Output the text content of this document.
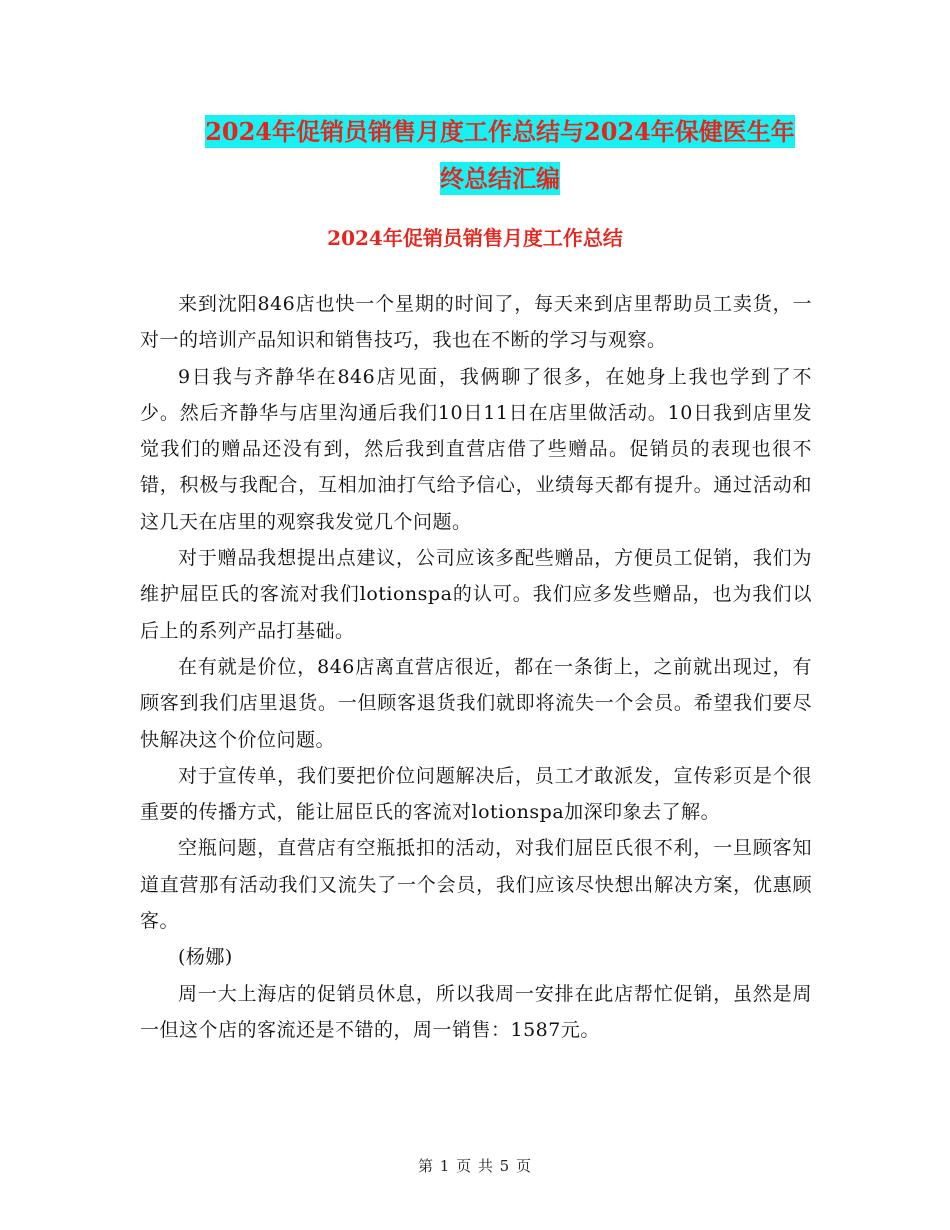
2024年促销员销售月度工作总结与2024年保健医生年
终总结汇编
2024年促销员销售月度工作总结

来到沈阳846店也快一个星期的时间了，每天来到店里帮助员工卖货，一对一的培训产品知识和销售技巧，我也在不断的学习与观察。

9日我与齐静华在846店见面，我俩聊了很多，在她身上我也学到了不少。然后齐静华与店里沟通后我们10日11日在店里做活动。10日我到店里发觉我们的赠品还没有到，然后我到直营店借了些赠品。促销员的表现也很不错，积极与我配合，互相加油打气给予信心，业绩每天都有提升。通过活动和这几天在店里的观察我发觉几个问题。

对于赠品我想提出点建议，公司应该多配些赠品，方便员工促销，我们为维护屈臣氏的客流对我们lotionspa的认可。我们应多发些赠品，也为我们以后上的系列产品打基础。

在有就是价位，846店离直营店很近，都在一条街上，之前就出现过，有顾客到我们店里退货。一但顾客退货我们就即将流失一个会员。希望我们要尽快解决这个价位问题。

对于宣传单，我们要把价位问题解决后，员工才敢派发，宣传彩页是个很重要的传播方式，能让屈臣氏的客流对lotionspa加深印象去了解。

空瓶问题，直营店有空瓶抵扣的活动，对我们屈臣氏很不利，一旦顾客知道直营那有活动我们又流失了一个会员，我们应该尽快想出解决方案，优惠顾客。

(杨娜)

周一大上海店的促销员休息，所以我周一安排在此店帮忙促销，虽然是周一但这个店的客流还是不错的，周一销售：1587元。

第 1 页 共 5 页
